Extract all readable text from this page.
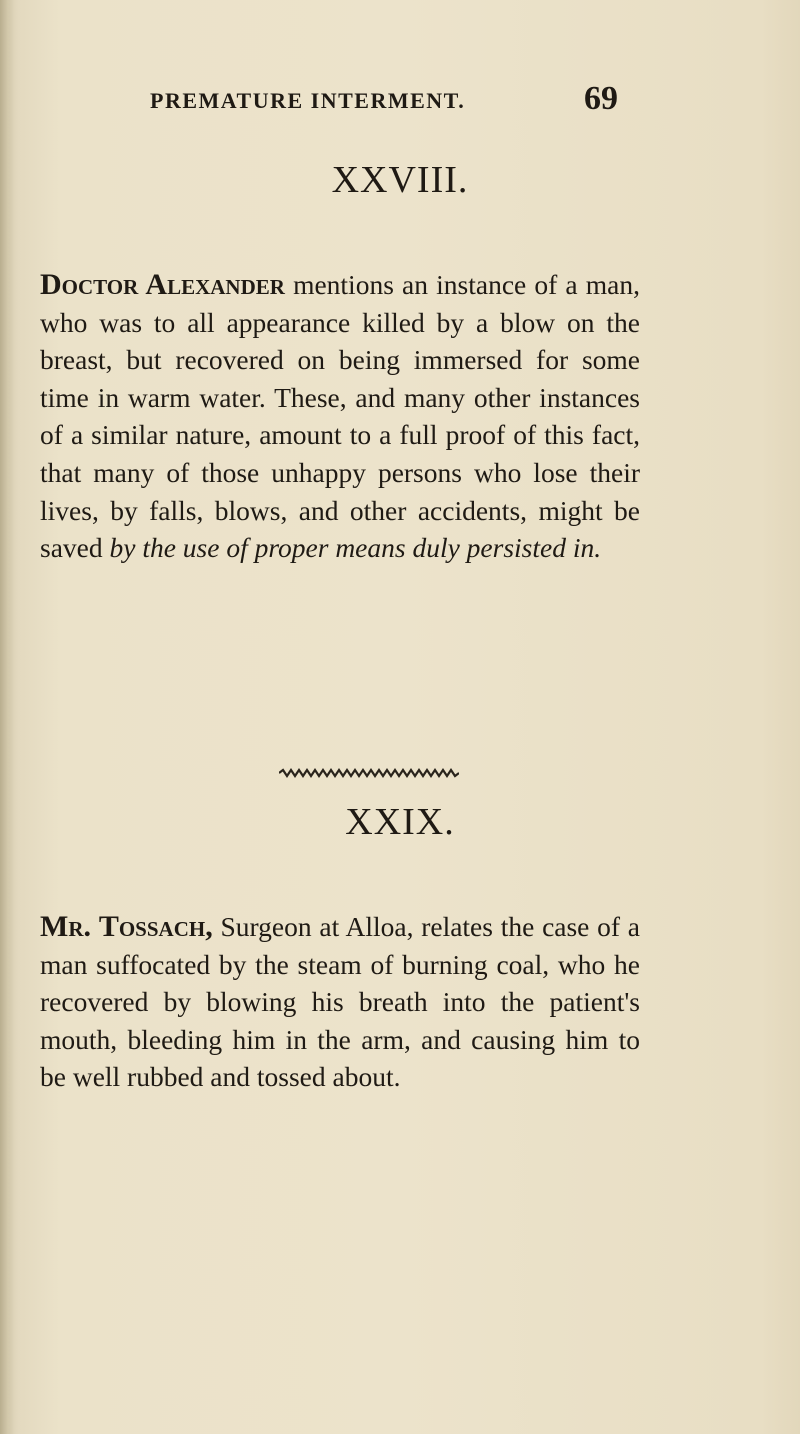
PREMATURE INTERMENT.	69
XXVIII.

Doctor Alexander mentions an instance of a man, who was to all appearance killed by a blow on the breast, but recovered on being immersed for some time in warm water. These, and many other instances of a similar nature, amount to a full proof of this fact, that many of those unhappy persons who lose their lives, by falls, blows, and other accidents, might be saved by the use of proper means duly persisted in.

XXIX.

Mr. Tossach, Surgeon at Alloa, relates the case of a man suffocated by the steam of burning coal, who he recovered by blowing his breath into the patient's mouth, bleeding him in the arm, and causing him to be well rubbed and tossed about.
